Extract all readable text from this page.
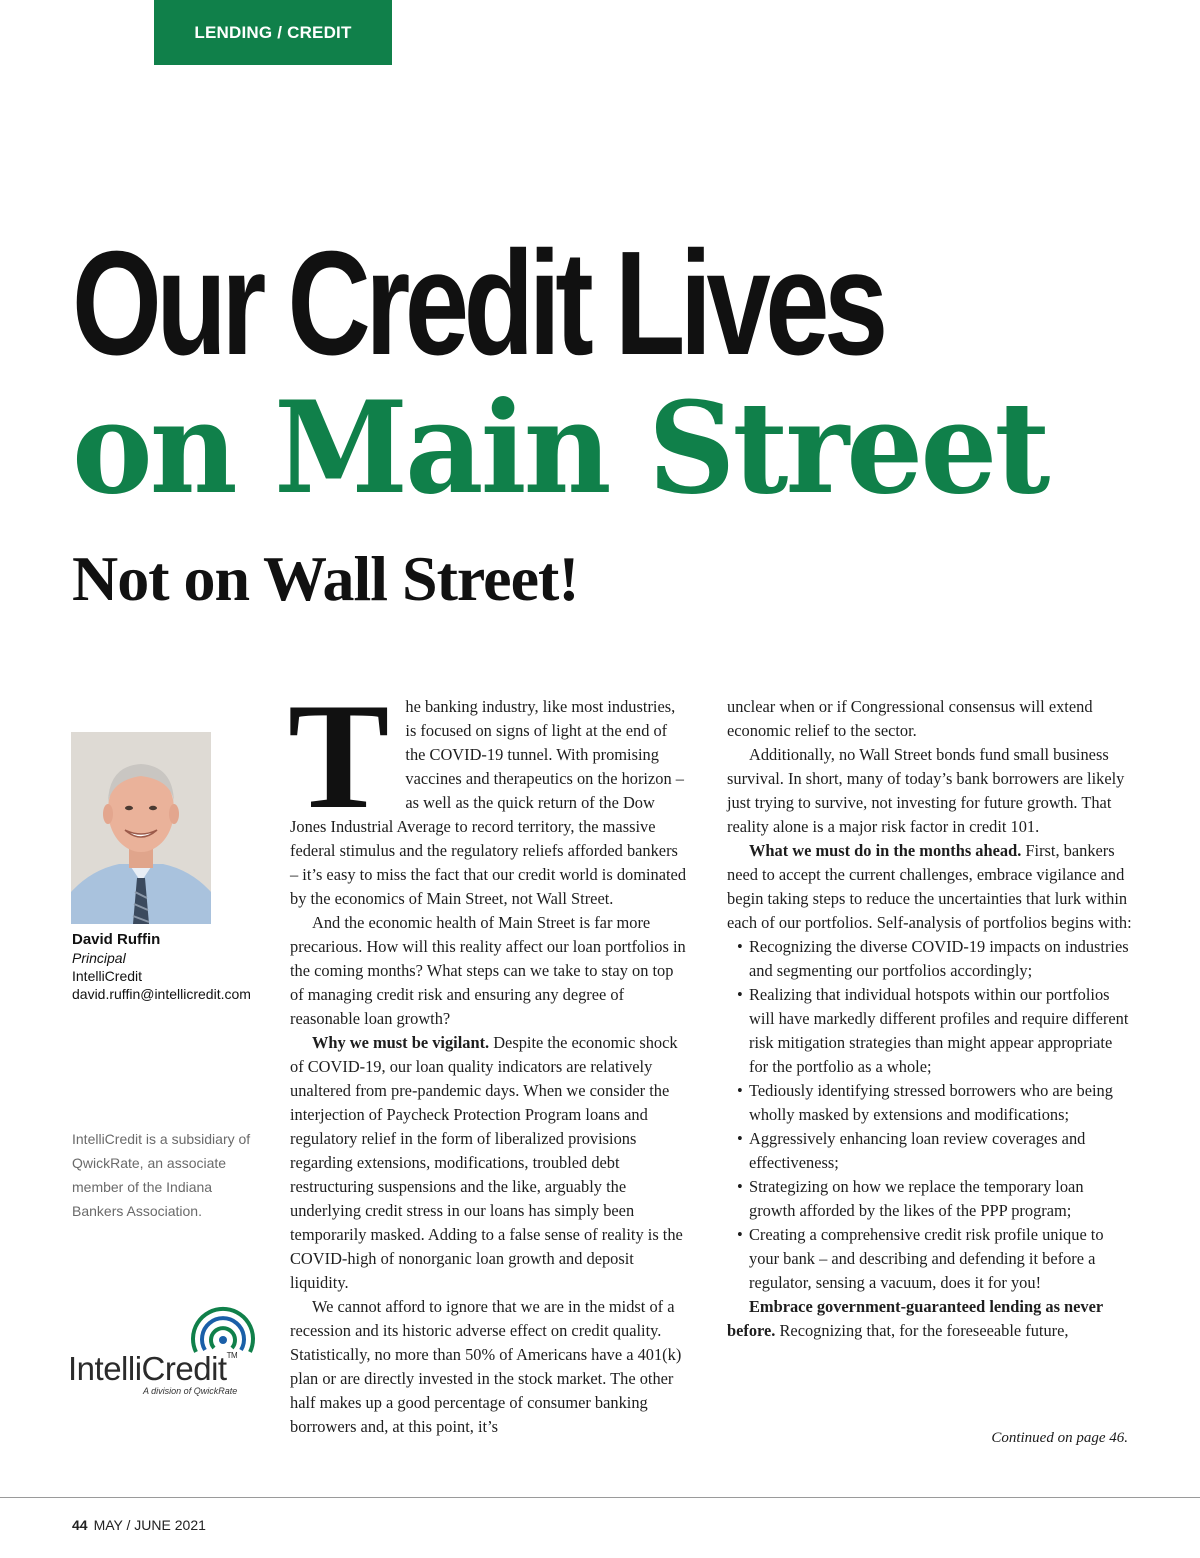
LENDING / CREDIT
Our Credit Lives
on Main Street
Not on Wall Street!
David Ruffin
Principal
IntelliCredit
david.ruffin@intellicredit.com
IntelliCredit is a subsidiary of QwickRate, an associate member of the Indiana Bankers Association.
IntelliCredit™
A division of QwickRate

The banking industry, like most industries, is focused on signs of light at the end of the COVID-19 tunnel. With promising vaccines and therapeutics on the horizon – as well as the quick return of the Dow Jones Industrial Average to record territory, the massive federal stimulus and the regulatory reliefs afforded bankers – it’s easy to miss the fact that our credit world is dominated by the economics of Main Street, not Wall Street.

And the economic health of Main Street is far more precarious. How will this reality affect our loan portfolios in the coming months? What steps can we take to stay on top of managing credit risk and ensuring any degree of reasonable loan growth?

Why we must be vigilant. Despite the economic shock of COVID-19, our loan quality indicators are relatively unaltered from pre-pandemic days. When we consider the interjection of Paycheck Protection Program loans and regulatory relief in the form of liberalized provisions regarding extensions, modifications, troubled debt restructuring suspensions and the like, arguably the underlying credit stress in our loans has simply been temporarily masked. Adding to a false sense of reality is the COVID-high of nonorganic loan growth and deposit liquidity.

We cannot afford to ignore that we are in the midst of a recession and its historic adverse effect on credit quality. Statistically, no more than 50% of Americans have a 401(k) plan or are directly invested in the stock market. The other half makes up a good percentage of consumer banking borrowers and, at this point, it’s

unclear when or if Congressional consensus will extend economic relief to the sector.

Additionally, no Wall Street bonds fund small business survival. In short, many of today’s bank borrowers are likely just trying to survive, not investing for future growth. That reality alone is a major risk factor in credit 101.

What we must do in the months ahead. First, bankers need to accept the current challenges, embrace vigilance and begin taking steps to reduce the uncertainties that lurk within each of our portfolios. Self-analysis of portfolios begins with:

• Recognizing the diverse COVID-19 impacts on industries and segmenting our portfolios accordingly;
• Realizing that individual hotspots within our portfolios will have markedly different profiles and require different risk mitigation strategies than might appear appropriate for the portfolio as a whole;
• Tediously identifying stressed borrowers who are being wholly masked by extensions and modifications;
• Aggressively enhancing loan review coverages and effectiveness;
• Strategizing on how we replace the temporary loan growth afforded by the likes of the PPP program;
• Creating a comprehensive credit risk profile unique to your bank – and describing and defending it before a regulator, sensing a vacuum, does it for you!

Embrace government-guaranteed lending as never before. Recognizing that, for the foreseeable future,

Continued on page 46.
44 MAY / JUNE 2021
